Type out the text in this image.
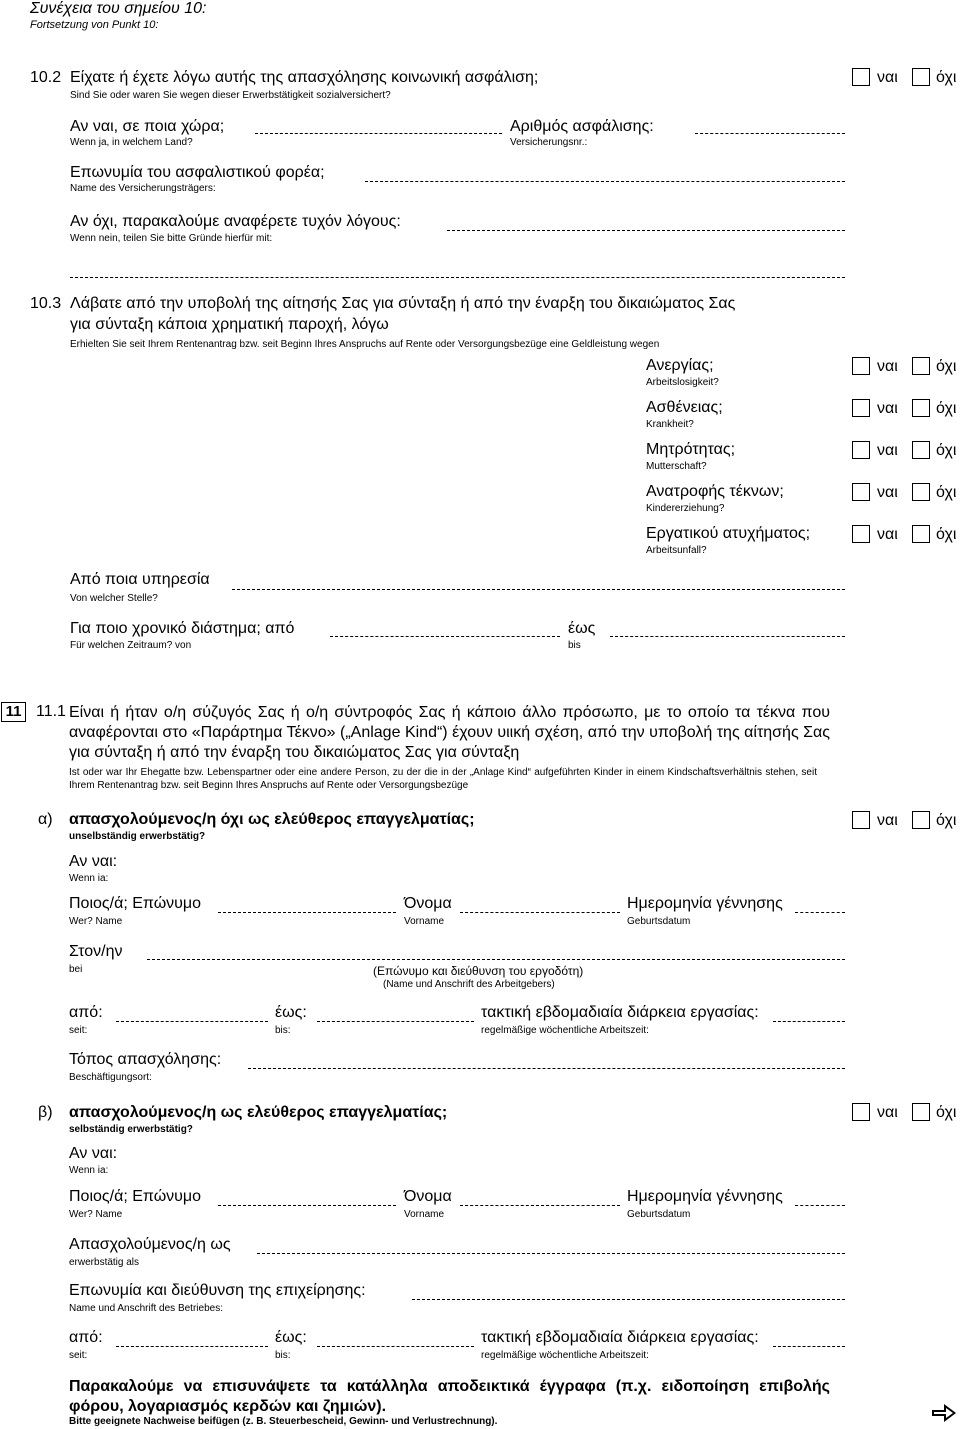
Συνέχεια του σημείου 10:
Fortsetzung von Punkt 10:
10.2 Είχατε ή έχετε λόγω αυτής της απασχόλησης κοινωνική ασφάλιση;
Sind Sie oder waren Sie wegen dieser Erwerbstätigkeit sozialversichert?
ναι όχι
Αν ναι, σε ποια χώρα;
Wenn ja, in welchem Land?
Αριθμός ασφάλισης:
Versicherungsnr.:
Επωνυμία του ασφαλιστικού φορέα;
Name des Versicherungsträgers:
Αν όχι, παρακαλούμε αναφέρετε τυχόν λόγους:
Wenn nein, teilen Sie bitte Gründe hierfür mit:
10.3 Λάβατε από την υποβολή της αίτησής Σας για σύνταξη ή από την έναρξη του δικαιώματος Σας
για σύνταξη κάποια χρηματική παροχή, λόγω
Erhielten Sie seit Ihrem Rentenantrag bzw. seit Beginn Ihres Anspruchs auf Rente oder Versorgungsbezüge eine Geldleistung wegen
Ανεργίας;
Arbeitslosigkeit?
ναι όχι
Ασθένειας;
Krankheit?
ναι όχι
Μητρότητας;
Mutterschaft?
ναι όχι
Ανατροφής τέκνων;
Kindererziehung?
ναι όχι
Εργατικού ατυχήματος;
Arbeitsunfall?
ναι όχι
Από ποια υπηρεσία
Von welcher Stelle?
Για ποιο χρονικό διάστημα; από
Für welchen Zeitraum? von
έως
bis
11 11.1 Είναι ή ήταν ο/η σύζυγός Σας ή ο/η σύντροφός Σας ή κάποιο άλλο πρόσωπο, με το οποίο τα τέκνα που αναφέρονται στο «Παράρτημα Τέκνο» („Anlage Kind“) έχουν υιική σχέση, από την υποβολή της αίτησής Σας για σύνταξη ή από την έναρξη του δικαιώματος Σας για σύνταξη
Ist oder war Ihr Ehegatte bzw. Lebenspartner oder eine andere Person, zu der die in der „Anlage Kind“ aufgeführten Kinder in einem Kindschaftsverhältnis stehen, seit Ihrem Rentenantrag bzw. seit Beginn Ihres Anspruchs auf Rente oder Versorgungsbezüge
α) απασχολούμενος/η όχι ως ελεύθερος επαγγελματίας;
unselbständig erwerbstätig?
ναι όχι
Αν ναι:
Wenn ia:
Ποιος/ά; Επώνυμο
Wer? Name
Όνομα
Vorname
Ημερομηνία γέννησης
Geburtsdatum
Στον/ην
bei	(Επώνυμο και διεύθυνση του εργοδότη)
(Name und Anschrift des Arbeitgebers)
από:
seit:
έως:
bis:
τακτική εβδομαδιαία διάρκεια εργασίας:
regelmäßige wöchentliche Arbeitszeit:
Τόπος απασχόλησης:
Beschäftigungsort:
β) απασχολούμενος/η ως ελεύθερος επαγγελματίας;
selbständig erwerbstätig?
ναι όχι
Αν ναι:
Wenn ia:
Ποιος/ά; Επώνυμο
Wer? Name
Όνομα
Vorname
Ημερομηνία γέννησης
Geburtsdatum
Απασχολούμενος/η ως
erwerbstätig als
Επωνυμία και διεύθυνση της επιχείρησης:
Name und Anschrift des Betriebes:
από:
seit:
έως:
bis:
τακτική εβδομαδιαία διάρκεια εργασίας:
regelmäßige wöchentliche Arbeitszeit:
Παρακαλούμε να επισυνάψετε τα κατάλληλα αποδεικτικά έγγραφα (π.χ. ειδοποίηση επιβολής φόρου, λογαριασμός κερδών και ζημιών).
Bitte geeignete Nachweise beifügen (z. B. Steuerbescheid, Gewinn- und Verlustrechnung).
